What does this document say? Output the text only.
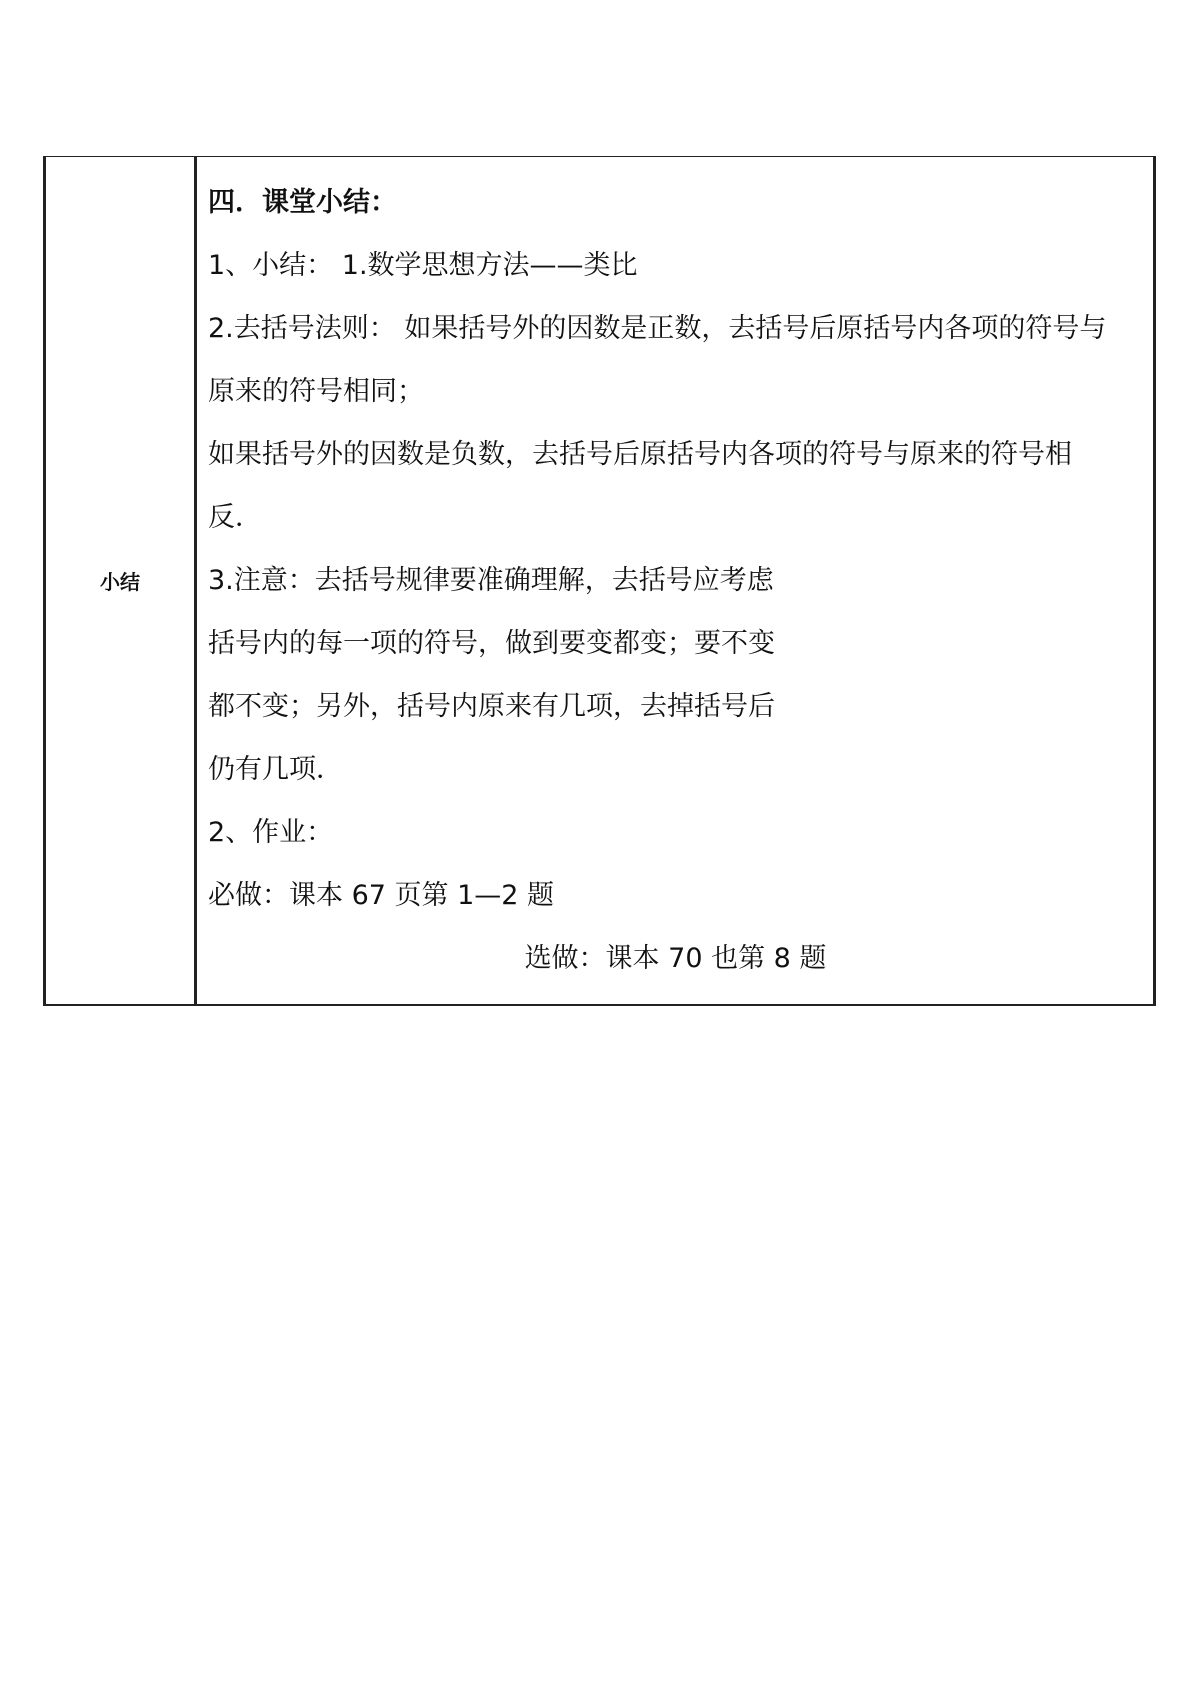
小结	
四．课堂小结：
1、小结： 1.数学思想方法——类比
2.去括号法则： 如果括号外的因数是正数，去括号后原括号内各项的符号与
原来的符号相同；
如果括号外的因数是负数，去括号后原括号内各项的符号与原来的符号相
反．
3.注意：去括号规律要准确理解，去括号应考虑
括号内的每一项的符号，做到要变都变；要不变
都不变；另外，括号内原来有几项，去掉括号后
仍有几项．
2、作业：
必做：课本 67 页第 1—2 题
选做：课本 70 也第 8 题
